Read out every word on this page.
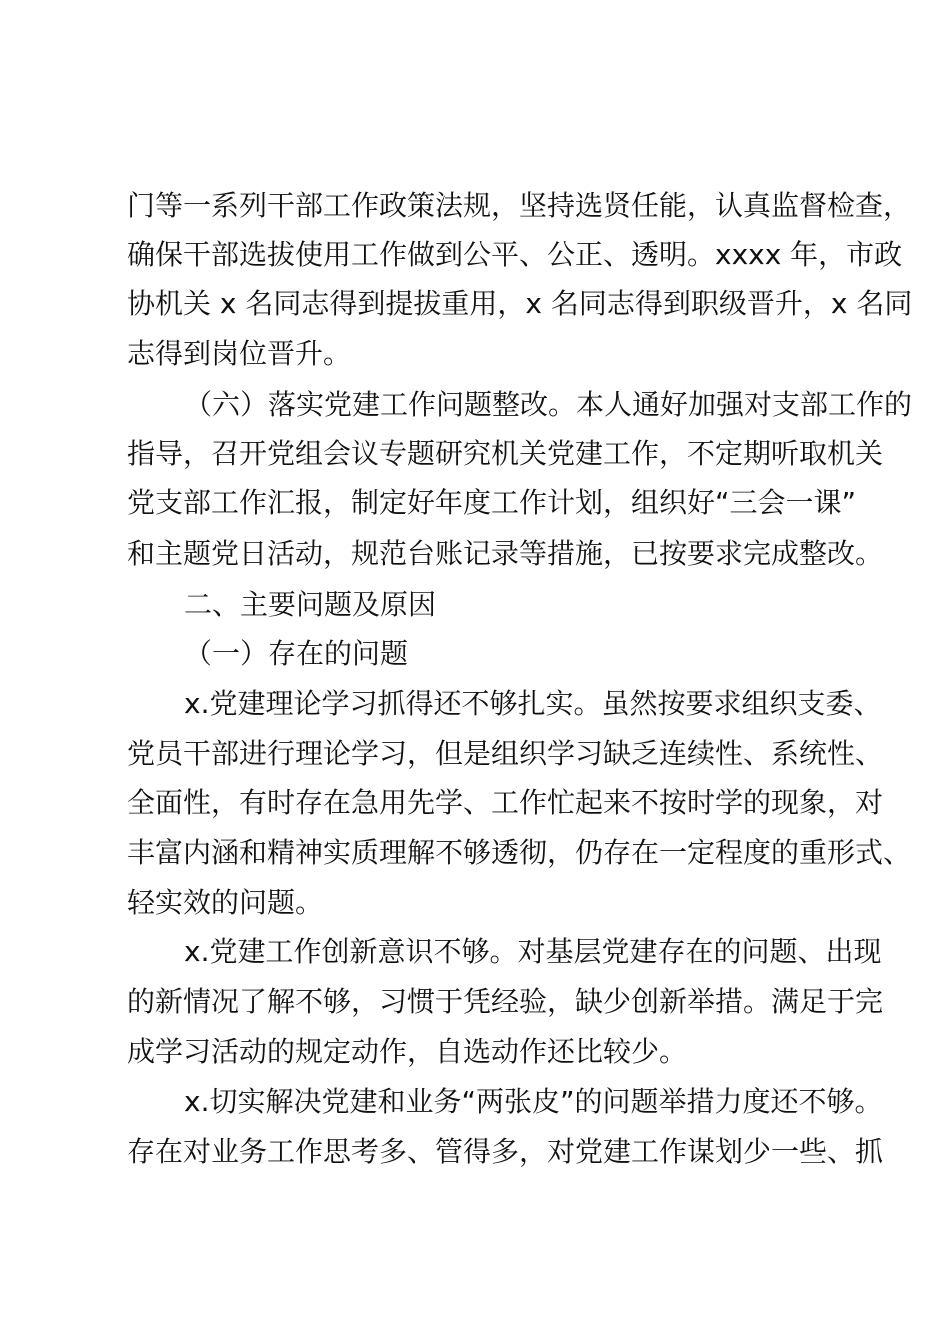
门等一系列干部工作政策法规，坚持选贤任能，认真监督检查，
确保干部选拔使用工作做到公平、公正、透明。xxxx 年，市政
协机关 x 名同志得到提拔重用，x 名同志得到职级晋升，x 名同
志得到岗位晋升。
（六）落实党建工作问题整改。本人通好加强对支部工作的
指导，召开党组会议专题研究机关党建工作，不定期听取机关
党支部工作汇报，制定好年度工作计划，组织好“三会一课”
和主题党日活动，规范台账记录等措施，已按要求完成整改。
二、主要问题及原因
（一）存在的问题
x.党建理论学习抓得还不够扎实。虽然按要求组织支委、
党员干部进行理论学习，但是组织学习缺乏连续性、系统性、
全面性，有时存在急用先学、工作忙起来不按时学的现象，对
丰富内涵和精神实质理解不够透彻，仍存在一定程度的重形式、
轻实效的问题。
x.党建工作创新意识不够。对基层党建存在的问题、出现
的新情况了解不够，习惯于凭经验，缺少创新举措。满足于完
成学习活动的规定动作，自选动作还比较少。
x.切实解决党建和业务“两张皮”的问题举措力度还不够。
存在对业务工作思考多、管得多，对党建工作谋划少一些、抓
